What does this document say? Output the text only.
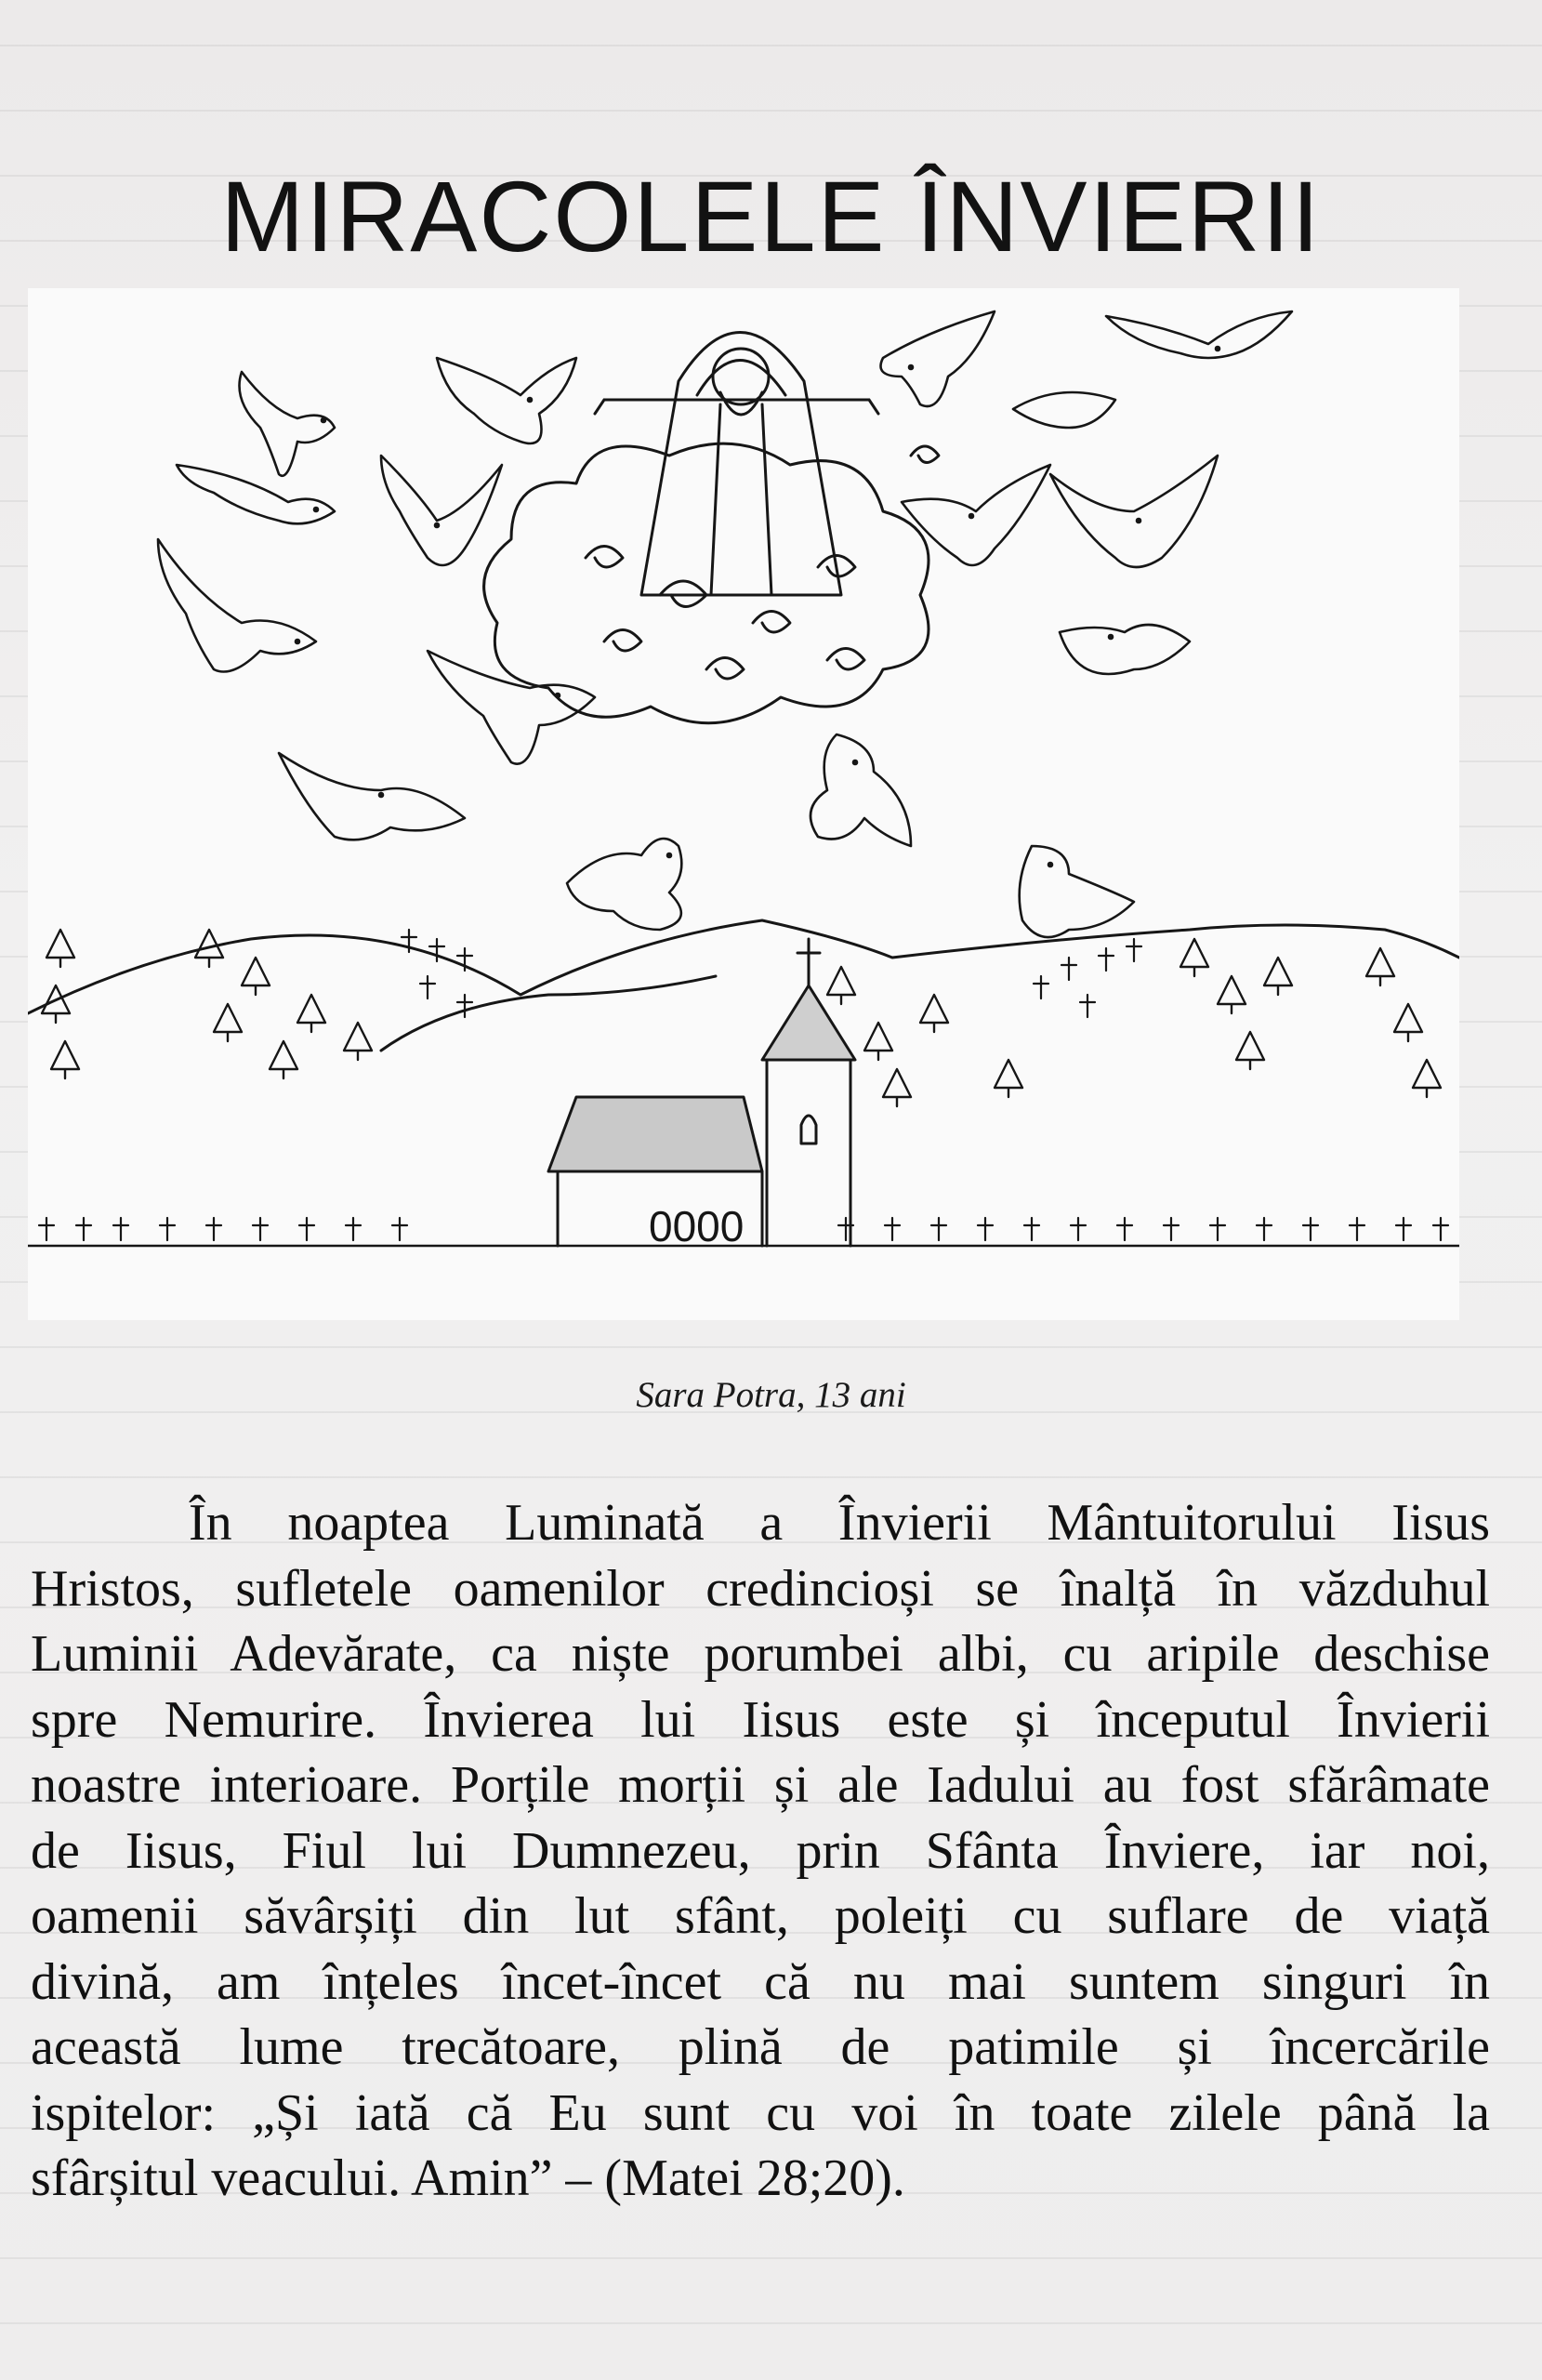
MIRACOLELE ÎNVIERII
0000
Sara Potra, 13 ani
În noaptea Luminată a Învierii Mântuitorului Iisus
Hristos, sufletele oamenilor credincioși se înalță în văzduhul
Luminii Adevărate, ca niște porumbei albi, cu aripile deschise
spre Nemurire. Învierea lui Iisus este și începutul Învierii
noastre interioare. Porțile morții și ale Iadului au fost sfărâmate
de Iisus, Fiul lui Dumnezeu, prin Sfânta Înviere, iar noi,
oamenii săvârșiți din lut sfânt, poleiți cu suflare de viață
divină, am înțeles încet-încet că nu mai suntem singuri în
această lume trecătoare, plină de patimile și încercările
ispitelor: „Și iată că Eu sunt cu voi în toate zilele până la
sfârșitul veacului. Amin” – (Matei 28;20).
